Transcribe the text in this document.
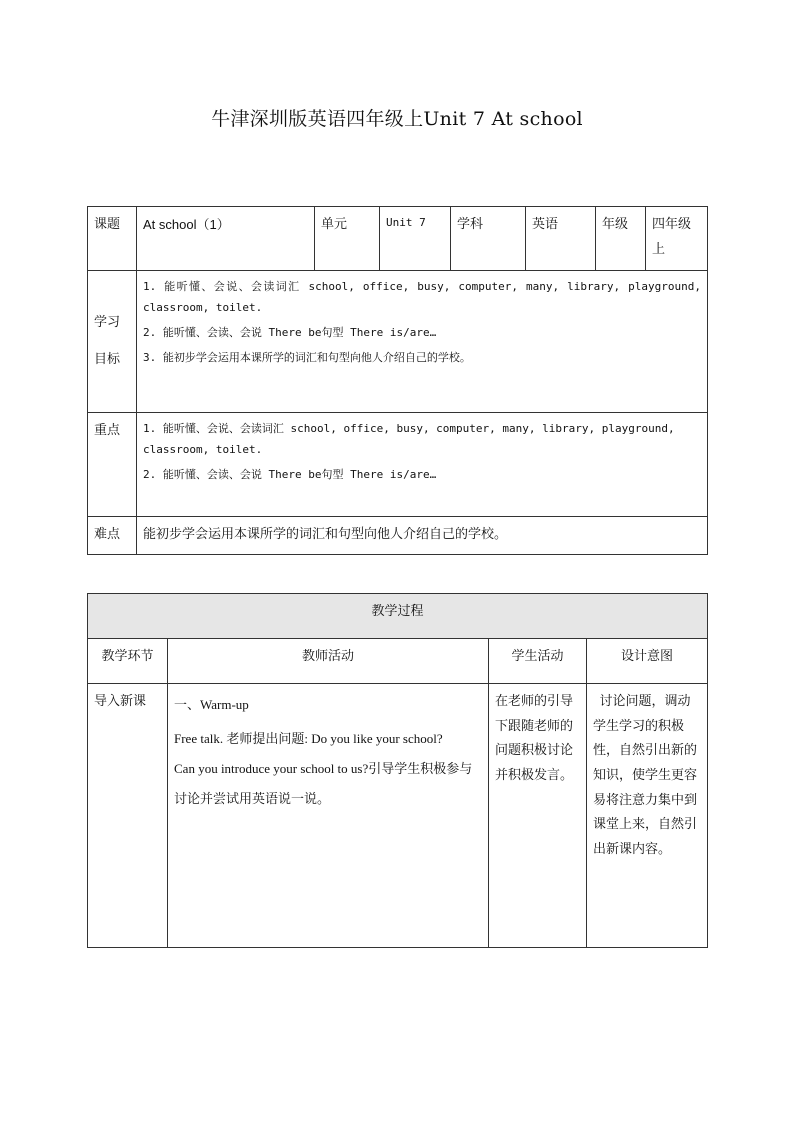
牛津深圳版英语四年级上Unit 7 At school
课题	At school（1）	单元	Unit 7	学科	英语	年级	四年级上
学习目标	1. 能听懂、会说、会读词汇 school, office, busy, computer, many, library, playground, classroom, toilet.
2. 能听懂、会读、会说 There be句型 There is/are…
3. 能初步学会运用本课所学的词汇和句型向他人介绍自己的学校。						

重点	1. 能听懂、会说、会读词汇 school, office, busy, computer, many, library, playground, classroom, toilet.
2. 能听懂、会读、会说 There be句型 There is/are…						

难点	能初步学会运用本课所学的词汇和句型向他人介绍自己的学校。						
教学过程			
教学环节	教师活动	学生活动	设计意图
导入新课	一、Warm-up
Free talk. 老师提出问题: Do you like your school?
Can you introduce your school to us?引导学生积极参与讨论并尝试用英语说一说。	在老师的引导下跟随老师的问题积极讨论并积极发言。	讨论问题，调动学生学习的积极性，自然引出新的知识，使学生更容易将注意力集中到课堂上来，自然引出新课内容。
